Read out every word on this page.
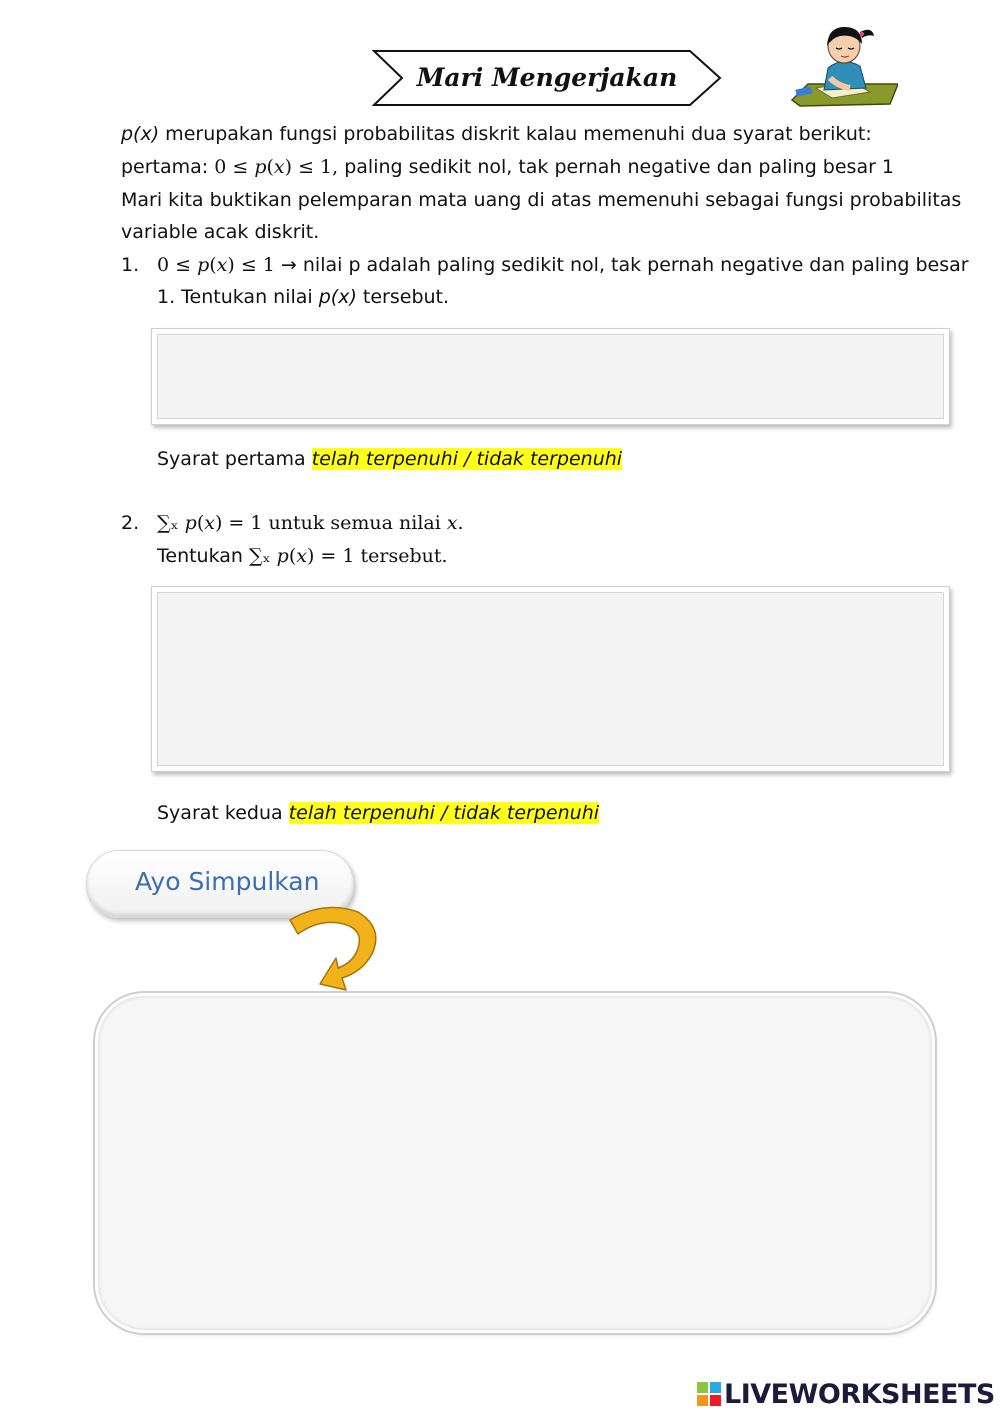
Mari Mengerjakan
p(x) merupakan fungsi probabilitas diskrit kalau memenuhi dua syarat berikut:
pertama: 0 ≤ 𝑝(𝑥) ≤ 1, paling sedikit nol, tak pernah negative dan paling besar 1
Mari kita buktikan pelemparan mata uang di atas memenuhi sebagai fungsi probabilitas
variable acak diskrit.
1. 0 ≤ 𝑝(𝑥) ≤ 1 → nilai p adalah paling sedikit nol, tak pernah negative dan paling besar
1. Tentukan nilai p(x) tersebut.
Syarat pertama telah terpenuhi / tidak terpenuhi
2. ∑ₓ 𝑝(𝑥) = 1 untuk semua nilai 𝑥.
Tentukan ∑ₓ 𝑝(𝑥) = 1 tersebut.
Syarat kedua telah terpenuhi / tidak terpenuhi
Ayo Simpulkan
LIVEWORKSHEETS
